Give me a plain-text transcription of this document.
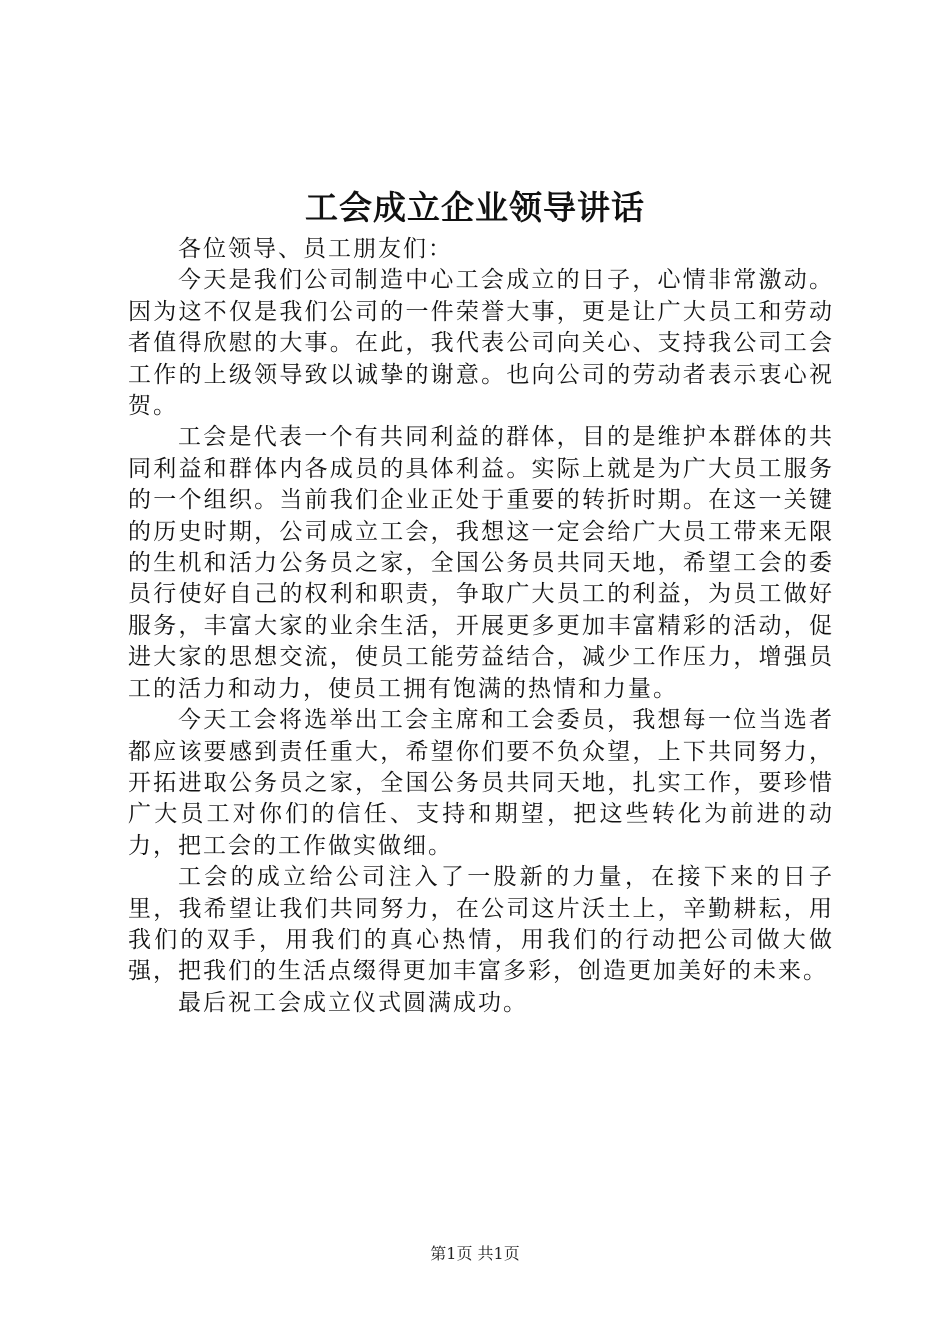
工会成立企业领导讲话

各位领导、员工朋友们：

今天是我们公司制造中心工会成立的日子，心情非常激动。因为这不仅是我们公司的一件荣誉大事，更是让广大员工和劳动者值得欣慰的大事。在此，我代表公司向关心、支持我公司工会工作的上级领导致以诚挚的谢意。也向公司的劳动者表示衷心祝贺。

工会是代表一个有共同利益的群体，目的是维护本群体的共同利益和群体内各成员的具体利益。实际上就是为广大员工服务的一个组织。当前我们企业正处于重要的转折时期。在这一关键的历史时期，公司成立工会，我想这一定会给广大员工带来无限的生机和活力公务员之家，全国公务员共同天地，希望工会的委员行使好自己的权利和职责，争取广大员工的利益，为员工做好服务，丰富大家的业余生活，开展更多更加丰富精彩的活动，促进大家的思想交流，使员工能劳益结合，减少工作压力，增强员工的活力和动力，使员工拥有饱满的热情和力量。

今天工会将选举出工会主席和工会委员，我想每一位当选者都应该要感到责任重大，希望你们要不负众望，上下共同努力，开拓进取公务员之家，全国公务员共同天地，扎实工作，要珍惜广大员工对你们的信任、支持和期望，把这些转化为前进的动力，把工会的工作做实做细。

工会的成立给公司注入了一股新的力量，在接下来的日子里，我希望让我们共同努力，在公司这片沃土上，辛勤耕耘，用我们的双手，用我们的真心热情，用我们的行动把公司做大做强，把我们的生活点缀得更加丰富多彩，创造更加美好的未来。

最后祝工会成立仪式圆满成功。

第1页 共1页
